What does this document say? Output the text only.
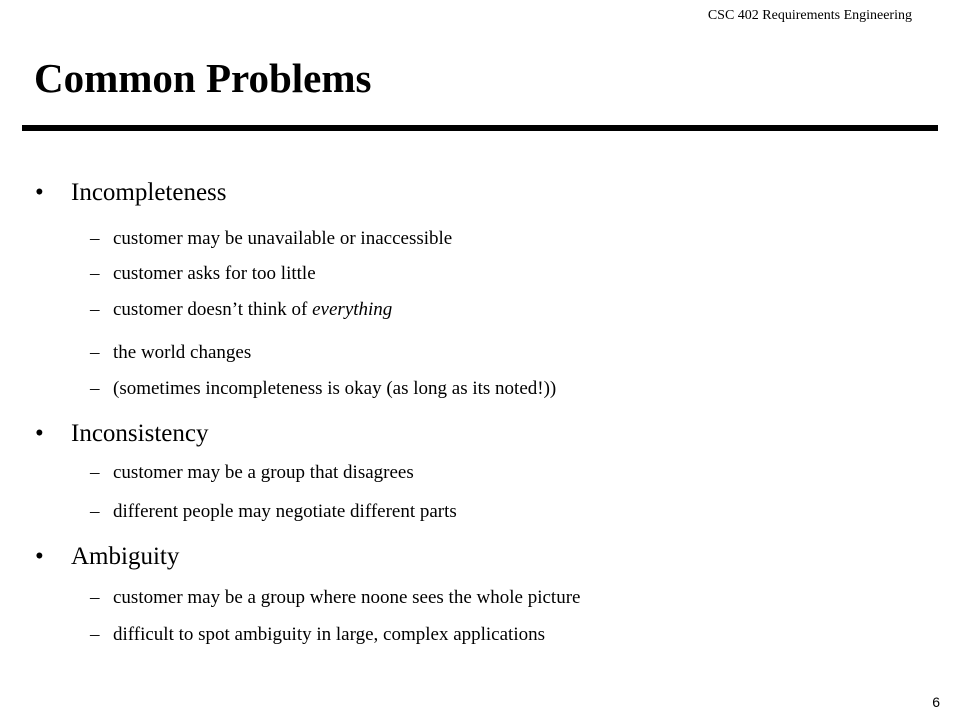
CSC 402 Requirements Engineering
Common Problems
• Incompleteness
– customer may be unavailable or inaccessible
– customer asks for too little
– customer doesn’t think of everything
– the world changes
– (sometimes incompleteness is okay (as long as its noted!))
• Inconsistency
– customer may be a group that disagrees
– different people may negotiate different parts
• Ambiguity
– customer may be a group where noone sees the whole picture
– difficult to spot ambiguity in large, complex applications
6
